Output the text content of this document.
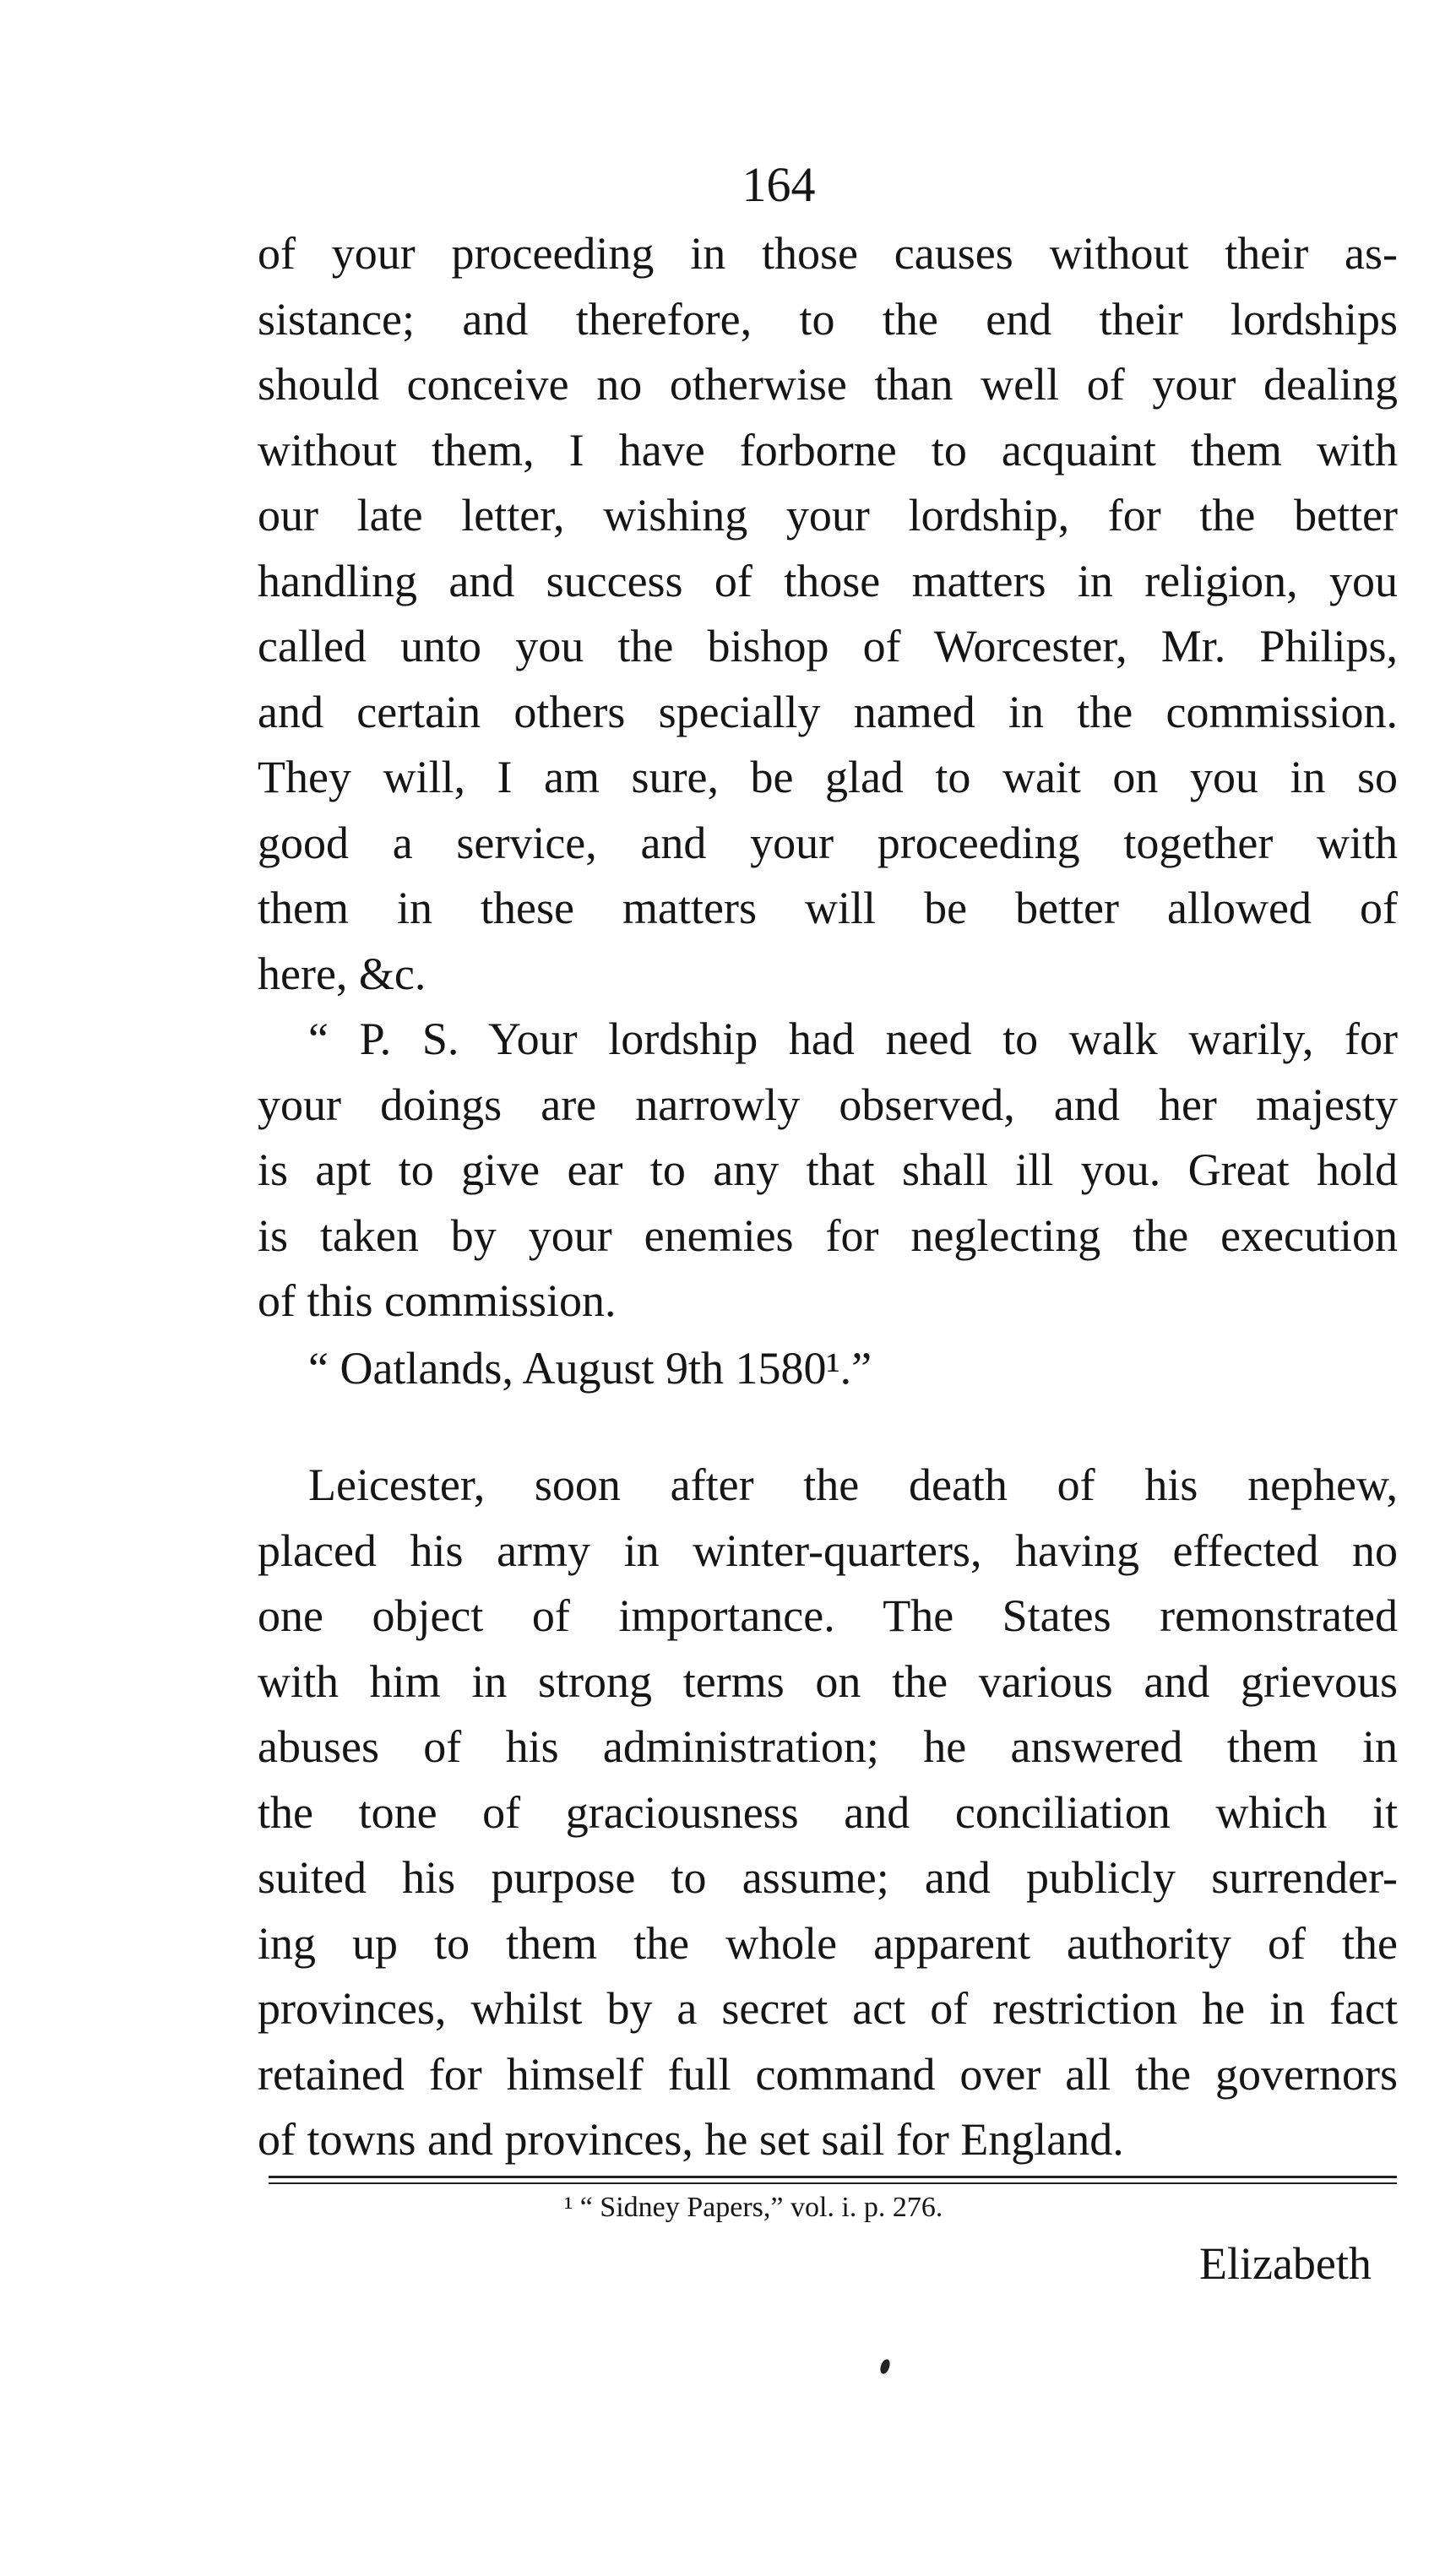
164
of your proceeding in those causes without their as-
sistance; and therefore, to the end their lordships
should conceive no otherwise than well of your dealing
without them, I have forborne to acquaint them with
our late letter, wishing your lordship, for the better
handling and success of those matters in religion, you
called unto you the bishop of Worcester, Mr. Philips,
and certain others specially named in the commission.
They will, I am sure, be glad to wait on you in so
good a service, and your proceeding together with
them in these matters will be better allowed of
here, &c.
“ P. S. Your lordship had need to walk warily, for
your doings are narrowly observed, and her majesty
is apt to give ear to any that shall ill you. Great hold
is taken by your enemies for neglecting the execution
of this commission.
“ Oatlands, August 9th 1580¹.”
Leicester, soon after the death of his nephew,
placed his army in winter-quarters, having effected no
one object of importance. The States remonstrated
with him in strong terms on the various and grievous
abuses of his administration; he answered them in
the tone of graciousness and conciliation which it
suited his purpose to assume; and publicly surrender-
ing up to them the whole apparent authority of the
provinces, whilst by a secret act of restriction he in fact
retained for himself full command over all the governors
of towns and provinces, he set sail for England.
¹ “ Sidney Papers,” vol. i. p. 276.
Elizabeth
